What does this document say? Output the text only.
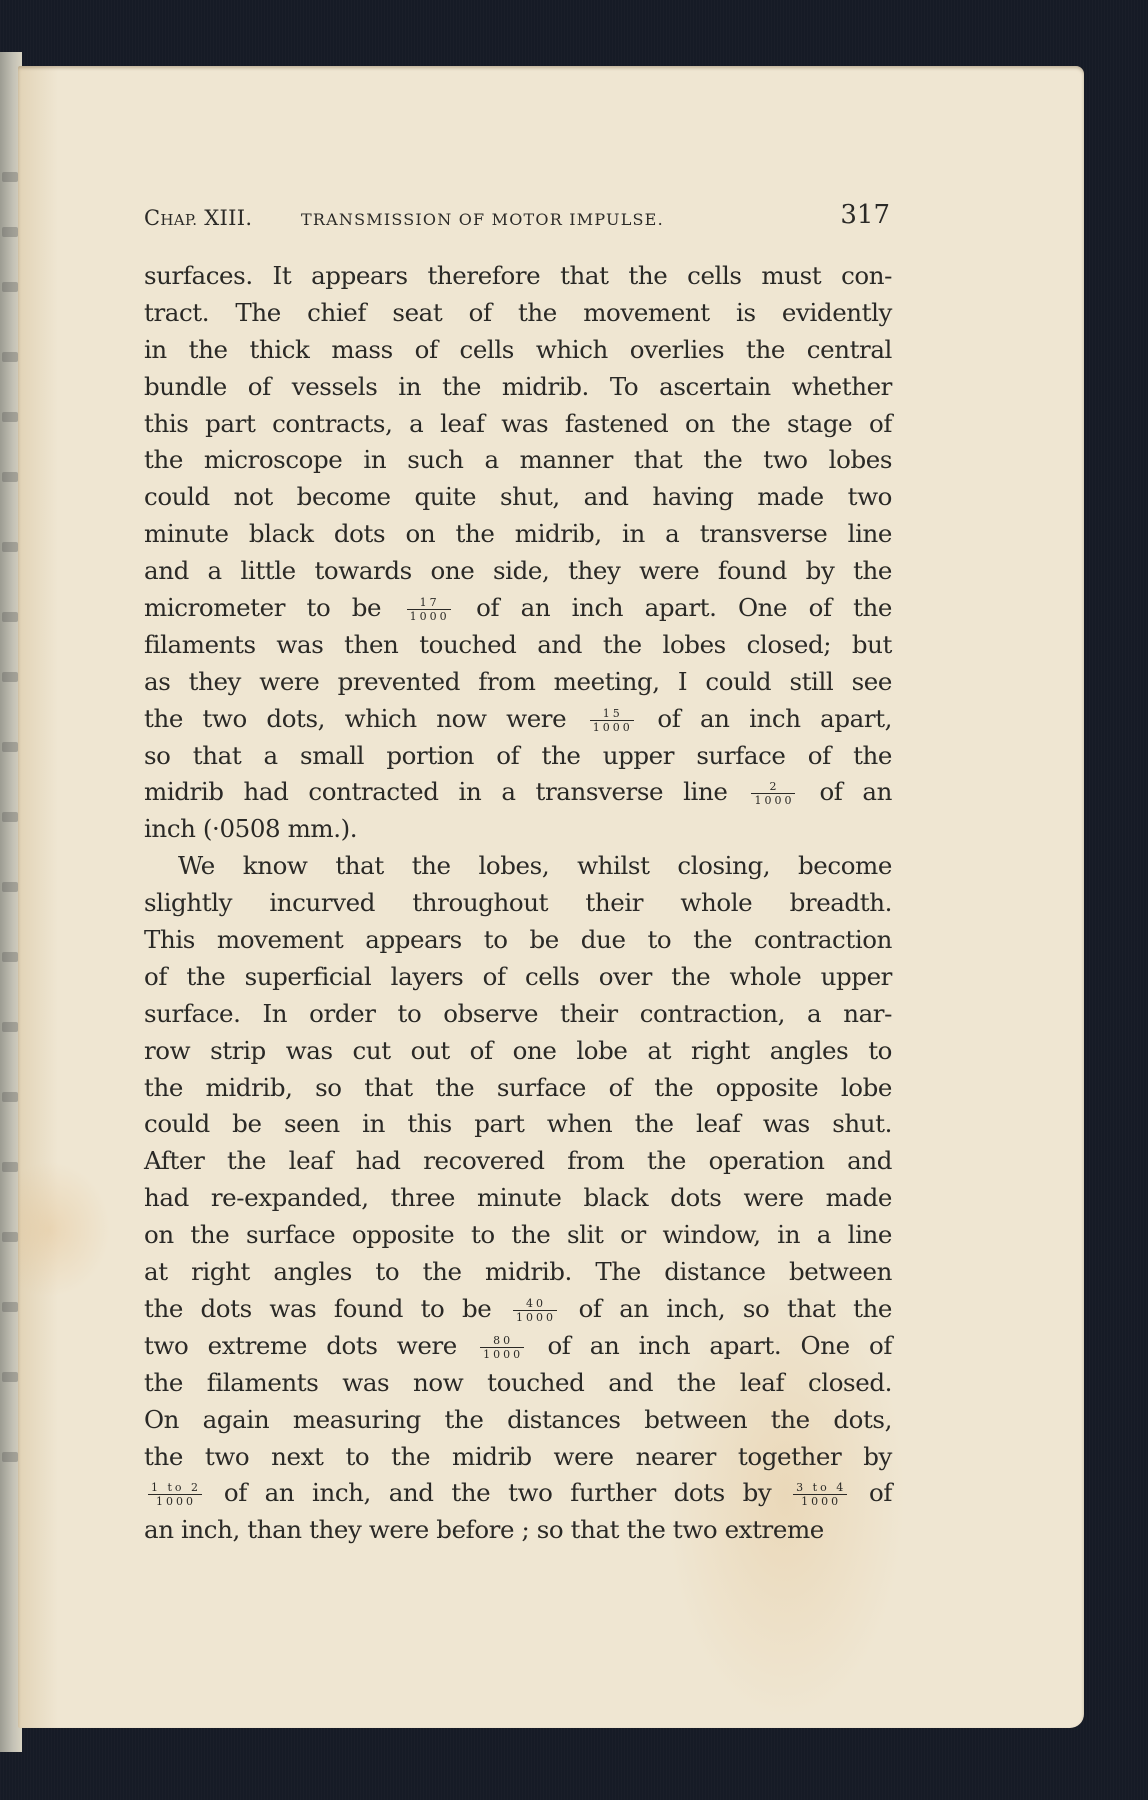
CHAP. XIII.	TRANSMISSION OF MOTOR IMPULSE.	317
surfaces. It appears therefore that the cells must con-
tract. The chief seat of the movement is evidently
in the thick mass of cells which overlies the central
bundle of vessels in the midrib. To ascertain whether
this part contracts, a leaf was fastened on the stage of
the microscope in such a manner that the two lobes
could not become quite shut, and having made two
minute black dots on the midrib, in a transverse line
and a little towards one side, they were found by the
micrometer to be $\frac{17}{1000}$ of an inch apart. One of the
filaments was then touched and the lobes closed; but
as they were prevented from meeting, I could still see
the two dots, which now were $\frac{15}{1000}$ of an inch apart,
so that a small portion of the upper surface of the
midrib had contracted in a transverse line $\frac{2}{1000}$ of an
inch (·0508 mm.).
We know that the lobes, whilst closing, become
slightly incurved throughout their whole breadth.
This movement appears to be due to the contraction
of the superficial layers of cells over the whole upper
surface. In order to observe their contraction, a nar-
row strip was cut out of one lobe at right angles to
the midrib, so that the surface of the opposite lobe
could be seen in this part when the leaf was shut.
After the leaf had recovered from the operation and
had re-expanded, three minute black dots were made
on the surface opposite to the slit or window, in a line
at right angles to the midrib. The distance between
the dots was found to be $\frac{40}{1000}$ of an inch, so that the
two extreme dots were $\frac{80}{1000}$ of an inch apart. One of
the filaments was now touched and the leaf closed.
On again measuring the distances between the dots,
the two next to the midrib were nearer together by
$\frac{1 to 2}{1000}$ of an inch, and the two further dots by $\frac{3 to 4}{1000}$ of
an inch, than they were before ; so that the two extreme
